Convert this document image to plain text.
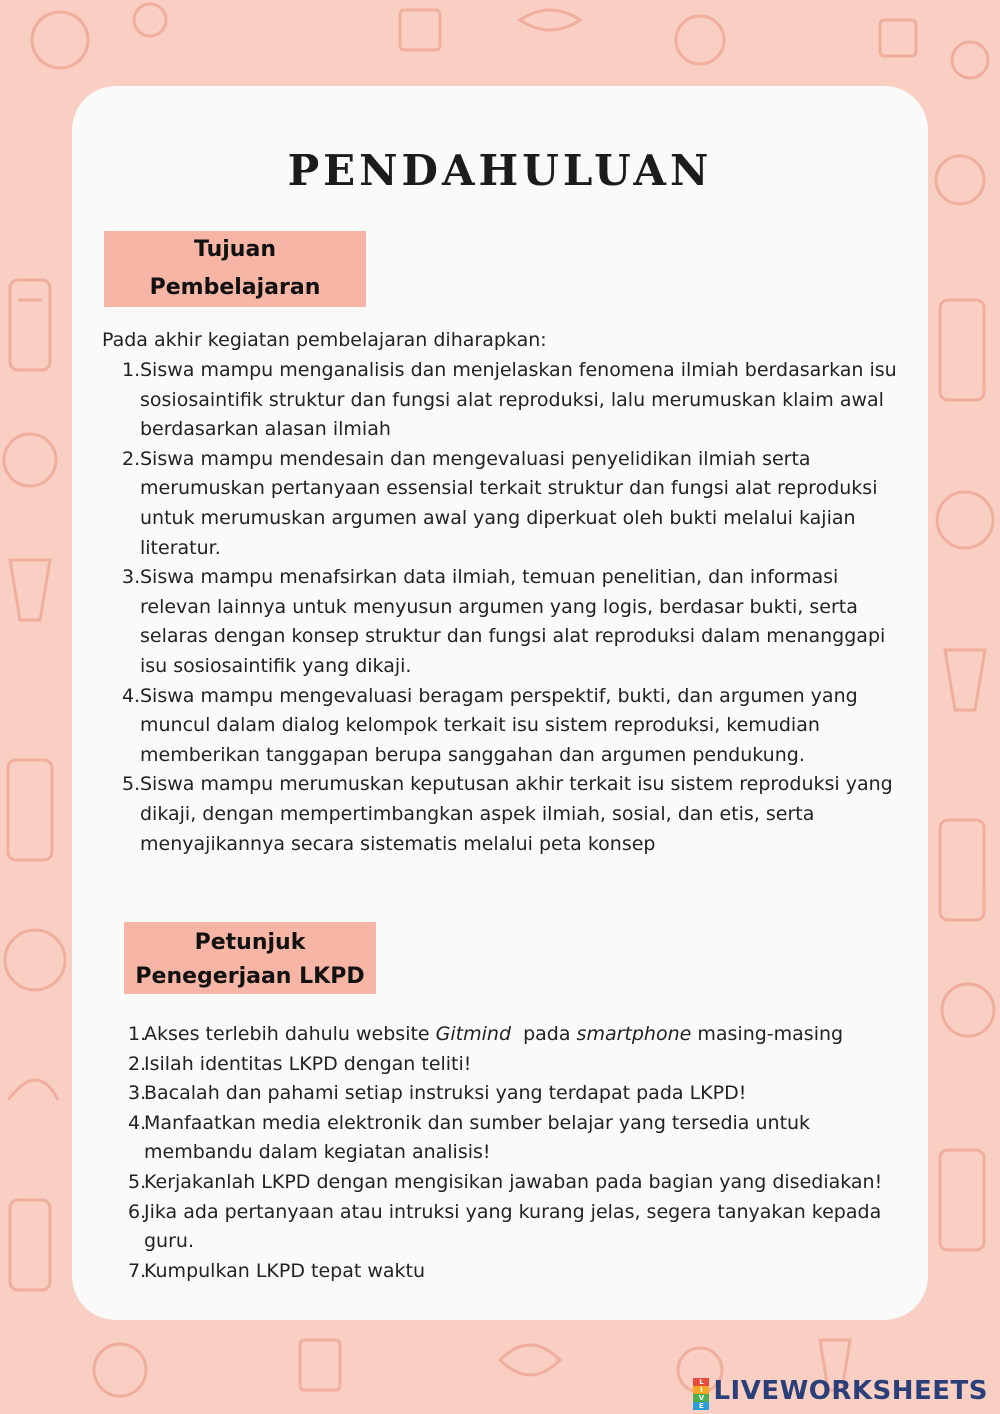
PENDAHULUAN
Tujuan
Pembelajaran
Pada akhir kegiatan pembelajaran diharapkan:
1. Siswa mampu menganalisis dan menjelaskan fenomena ilmiah berdasarkan isu sosiosaintifik struktur dan fungsi alat reproduksi, lalu merumuskan klaim awal berdasarkan alasan ilmiah
2. Siswa mampu mendesain dan mengevaluasi penyelidikan ilmiah serta merumuskan pertanyaan essensial terkait struktur dan fungsi alat reproduksi untuk merumuskan argumen awal yang diperkuat oleh bukti melalui kajian literatur.
3. Siswa mampu menafsirkan data ilmiah, temuan penelitian, dan informasi relevan lainnya untuk menyusun argumen yang logis, berdasar bukti, serta selaras dengan konsep struktur dan fungsi alat reproduksi dalam menanggapi isu sosiosaintifik yang dikaji.
4. Siswa mampu mengevaluasi beragam perspektif, bukti, dan argumen yang muncul dalam dialog kelompok terkait isu sistem reproduksi, kemudian memberikan tanggapan berupa sanggahan dan argumen pendukung.
5. Siswa mampu merumuskan keputusan akhir terkait isu sistem reproduksi yang dikaji, dengan mempertimbangkan aspek ilmiah, sosial, dan etis, serta menyajikannya secara sistematis melalui peta konsep
Petunjuk
Penegerjaan LKPD
1.
Akses terlebih dahulu website Gitmind  pada smartphone masing-masing
2.
Isilah identitas LKPD dengan teliti!
3.
Bacalah dan pahami setiap instruksi yang terdapat pada LKPD!
4.
Manfaatkan media elektronik dan sumber belajar yang tersedia untuk membandu dalam kegiatan analisis!
5.
Kerjakanlah LKPD dengan mengisikan jawaban pada bagian yang disediakan!
6.
Jika ada pertanyaan atau intruksi yang kurang jelas, segera tanyakan kepada guru.
7.
Kumpulkan LKPD tepat waktu
L
I
V
E LIVEWORKSHEETS
